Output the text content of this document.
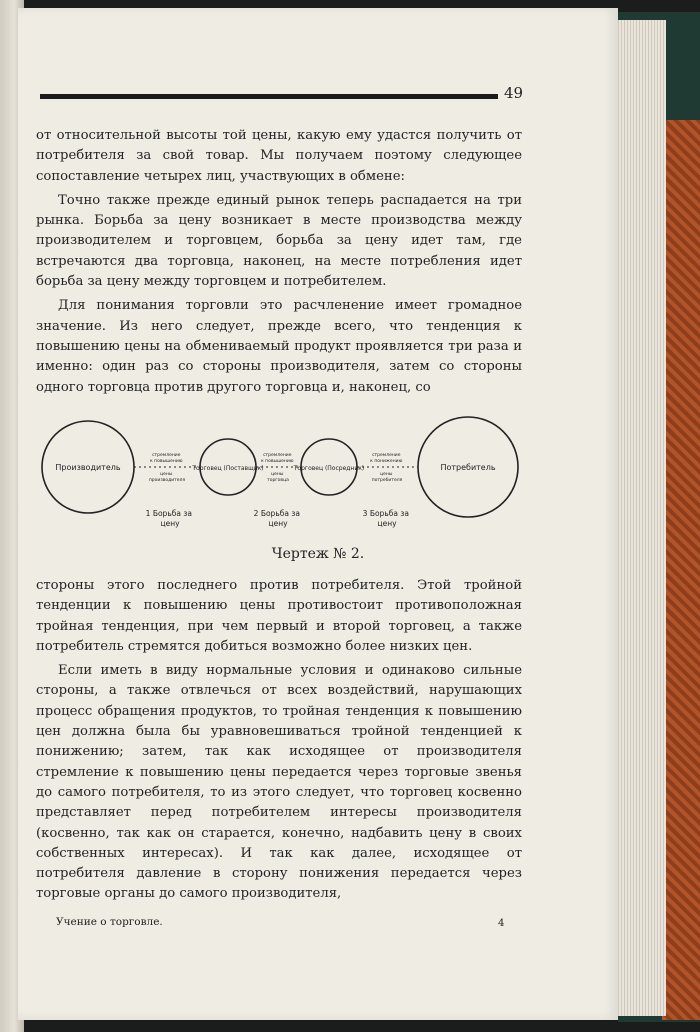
49

от относительной высоты той цены, какую ему удастся получить от потребителя за свой товар. Мы получаем поэтому следующее сопоставление четырех лиц, участвующих в обмене:

Точно также прежде единый рынок теперь распадается на три рынка. Борьба за цену возникает в месте производства между производителем и торговцем, борьба за цену идет там, где встречаются два торговца, наконец, на месте потребления идет борьба за цену между торговцем и потребителем.

Для понимания торговли это расчленение имеет громадное значение. Из него следует, прежде всего, что тенденция к повышению цены на обмениваемый продукт проявляется три раза и именно: один раз со стороны производителя, затем со стороны одного торговца против другого торговца и, наконец, со

Производитель	Торговец (Поставщик)	Торговец (Посредник)	Потребитель
стремление к повышению цены производителя
стремление к повышению цены торговца
стремление к понижению цены потребителя
1 Борьба за цену
2 Борьба за цену
3 Борьба за цену
Чертеж № 2.

стороны этого последнего против потребителя. Этой тройной тенденции к повышению цены противостоит противоположная тройная тенденция, при чем первый и второй торговец, а также потребитель стремятся добиться возможно более низких цен.

Если иметь в виду нормальные условия и одинаково сильные стороны, а также отвлечься от всех воздействий, нарушающих процесс обращения продуктов, то тройная тенденция к повышению цен должна была бы уравновешиваться тройной тенденцией к понижению; затем, так как исходящее от производителя стремление к повышению цены передается через торговые звенья до самого потребителя, то из этого следует, что торговец косвенно представляет перед потребителем интересы производителя (косвенно, так как он старается, конечно, надбавить цену в своих собственных интересах). И так как далее, исходящее от потребителя давление в сторону понижения передается через торговые органы до самого производителя,

Учение о торговле.	4
